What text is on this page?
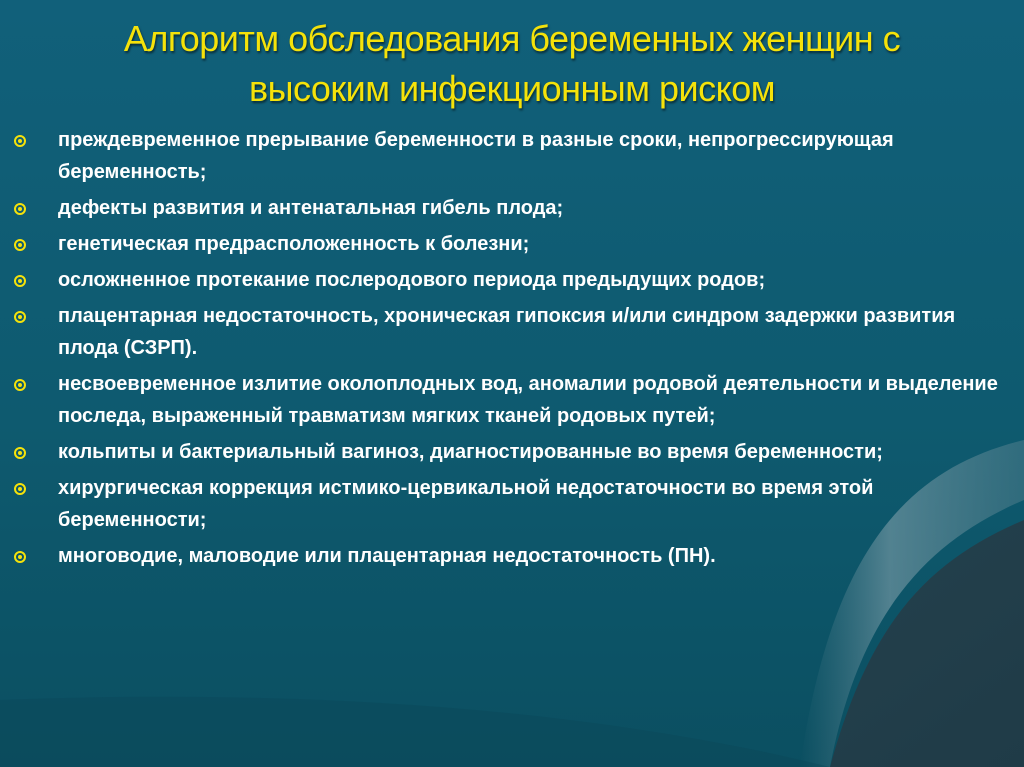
Алгоритм обследования беременных женщин с
высоким инфекционным риском
преждевременное прерывание беременности в разные сроки, непрогрессирующая беременность;
дефекты развития и антенатальная гибель плода;
генетическая предрасположенность к болезни;
осложненное протекание послеродового периода предыдущих родов;
плацентарная недостаточность, хроническая гипоксия и/или синдром задержки развития плода (СЗРП).
несвоевременное излитие околоплодных вод, аномалии родовой деятельности и выделение последа, выраженный травматизм мягких тканей родовых путей;
кольпиты и бактериальный вагиноз, диагностированные во время беременности;
хирургическая коррекция истмико-цервикальной недостаточности во время этой беременности;
многоводие, маловодие или плацентарная недостаточность (ПН).
